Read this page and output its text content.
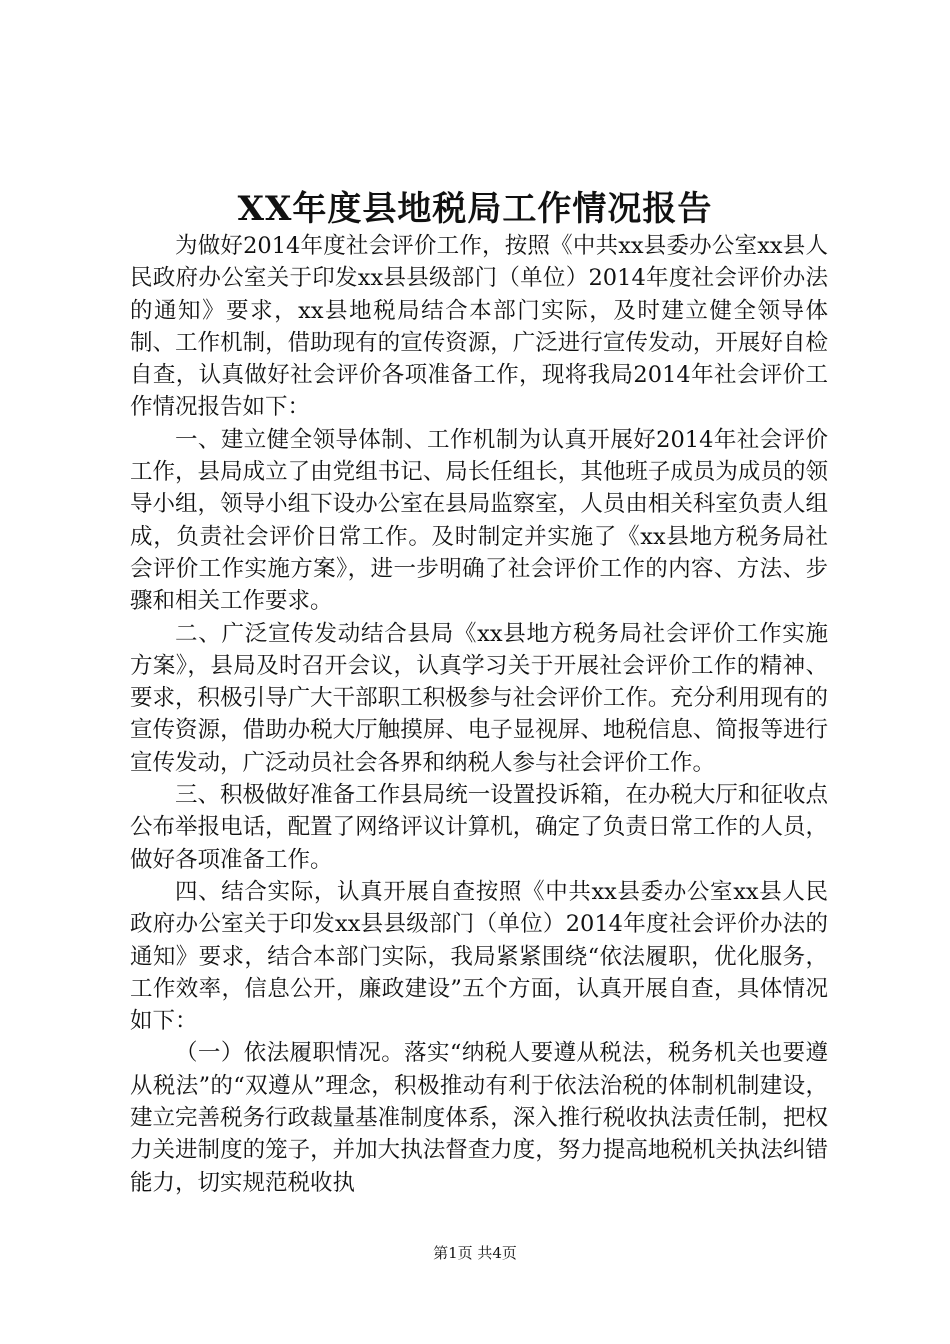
XX年度县地税局工作情况报告

为做好2014年度社会评价工作，按照《中共xx县委办公室xx县人民政府办公室关于印发xx县县级部门（单位）2014年度社会评价办法的通知》要求，xx县地税局结合本部门实际，及时建立健全领导体制、工作机制，借助现有的宣传资源，广泛进行宣传发动，开展好自检自查，认真做好社会评价各项准备工作，现将我局2014年社会评价工作情况报告如下：

一、建立健全领导体制、工作机制为认真开展好2014年社会评价工作，县局成立了由党组书记、局长任组长，其他班子成员为成员的领导小组，领导小组下设办公室在县局监察室，人员由相关科室负责人组成，负责社会评价日常工作。及时制定并实施了《xx县地方税务局社会评价工作实施方案》，进一步明确了社会评价工作的内容、方法、步骤和相关工作要求。

二、广泛宣传发动结合县局《xx县地方税务局社会评价工作实施方案》，县局及时召开会议，认真学习关于开展社会评价工作的精神、要求，积极引导广大干部职工积极参与社会评价工作。充分利用现有的宣传资源，借助办税大厅触摸屏、电子显视屏、地税信息、简报等进行宣传发动，广泛动员社会各界和纳税人参与社会评价工作。

三、积极做好准备工作县局统一设置投诉箱，在办税大厅和征收点公布举报电话，配置了网络评议计算机，确定了负责日常工作的人员，做好各项准备工作。

四、结合实际，认真开展自查按照《中共xx县委办公室xx县人民政府办公室关于印发xx县县级部门（单位）2014年度社会评价办法的通知》要求，结合本部门实际，我局紧紧围绕“依法履职，优化服务，工作效率，信息公开，廉政建设”五个方面，认真开展自查，具体情况如下：

（一）依法履职情况。落实“纳税人要遵从税法，税务机关也要遵从税法”的“双遵从”理念，积极推动有利于依法治税的体制机制建设，建立完善税务行政裁量基准制度体系，深入推行税收执法责任制，把权力关进制度的笼子，并加大执法督查力度，努力提高地税机关执法纠错能力，切实规范税收执

第1页 共4页
